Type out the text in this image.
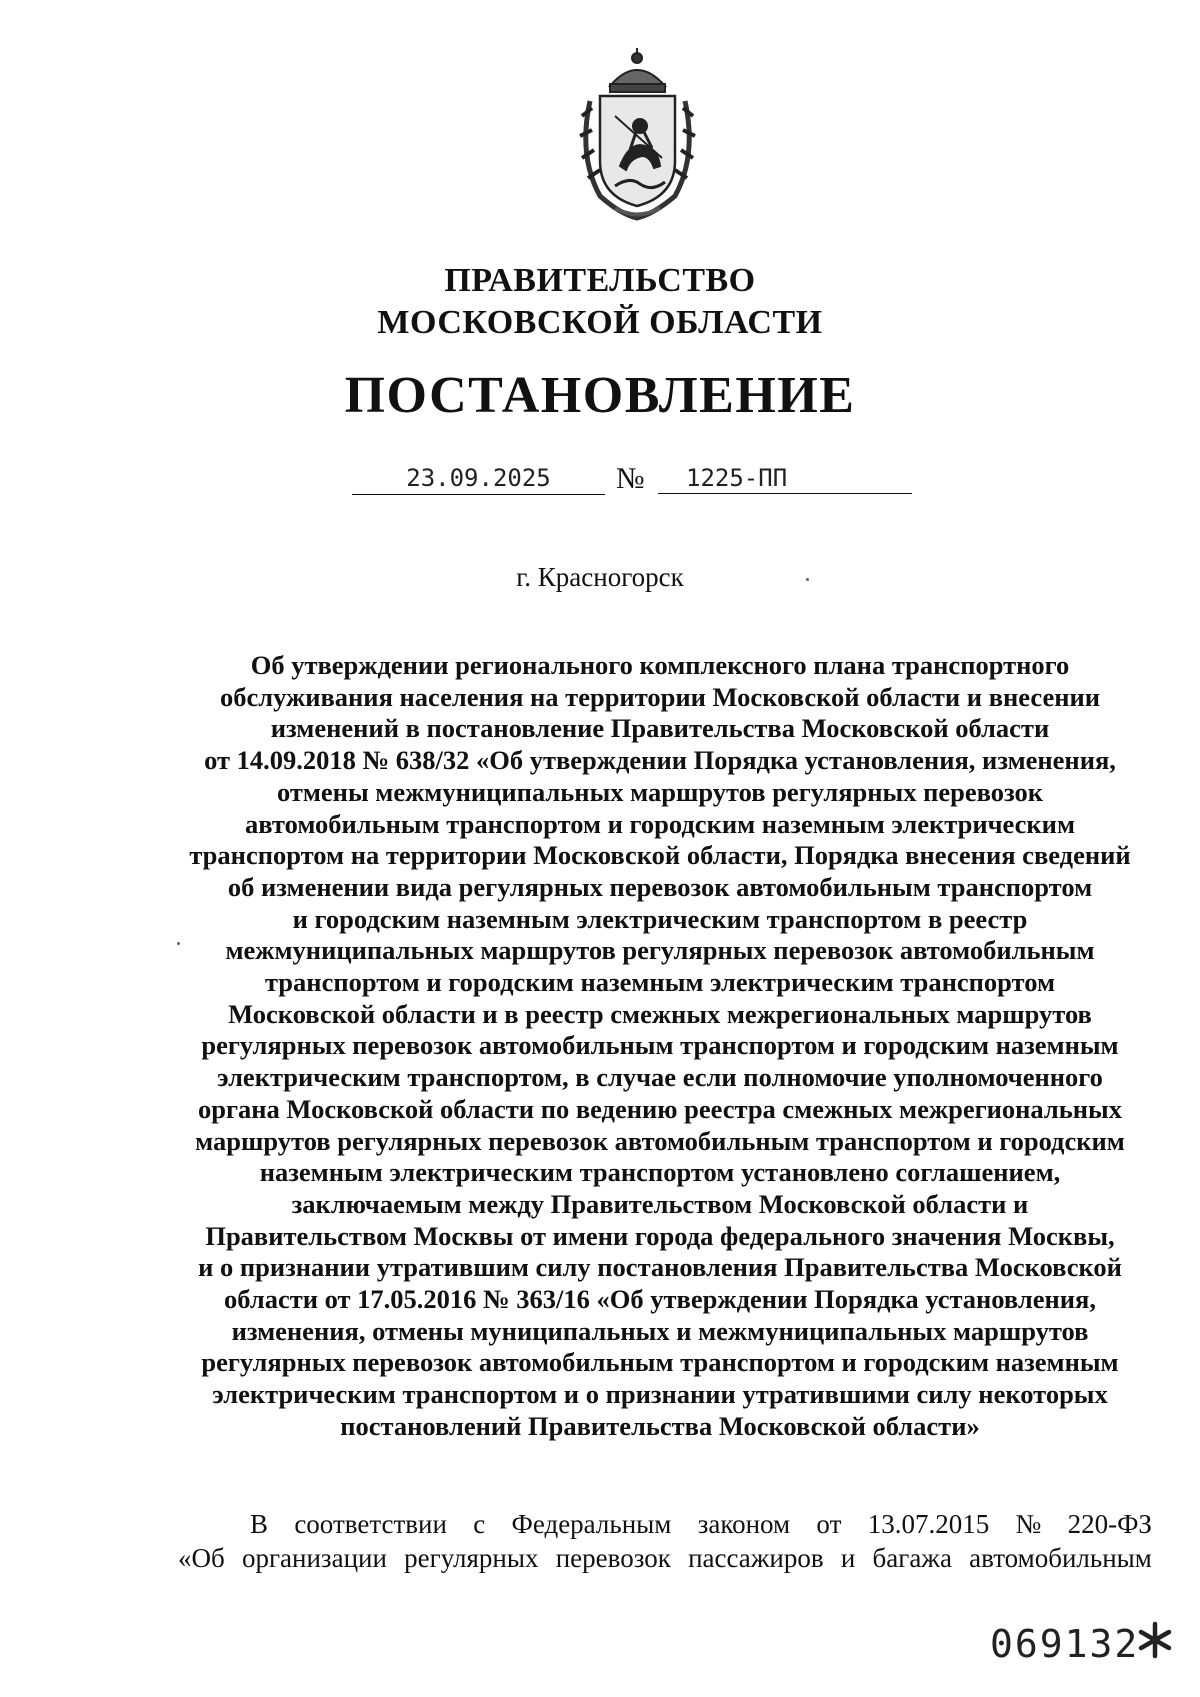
ПРАВИТЕЛЬСТВО
МОСКОВСКОЙ ОБЛАСТИ
ПОСТАНОВЛЕНИЕ
23.09.2025	№	1225-ПП
г. Красногорск
Об утверждении регионального комплексного плана транспортного
обслуживания населения на территории Московской области и внесении
изменений в постановление Правительства Московской области
от 14.09.2018 № 638/32 «Об утверждении Порядка установления, изменения,
отмены межмуниципальных маршрутов регулярных перевозок
автомобильным транспортом и городским наземным электрическим
транспортом на территории Московской области, Порядка внесения сведений
об изменении вида регулярных перевозок автомобильным транспортом
и городским наземным электрическим транспортом в реестр
межмуниципальных маршрутов регулярных перевозок автомобильным
транспортом и городским наземным электрическим транспортом
Московской области и в реестр смежных межрегиональных маршрутов
регулярных перевозок автомобильным транспортом и городским наземным
электрическим транспортом, в случае если полномочие уполномоченного
органа Московской области по ведению реестра смежных межрегиональных
маршрутов регулярных перевозок автомобильным транспортом и городским
наземным электрическим транспортом установлено соглашением,
заключаемым между Правительством Московской области и
Правительством Москвы от имени города федерального значения Москвы,
и о признании утратившим силу постановления Правительства Московской
области от 17.05.2016 № 363/16 «Об утверждении Порядка установления,
изменения, отмены муниципальных и межмуниципальных маршрутов
регулярных перевозок автомобильным транспортом и городским наземным
электрическим транспортом и о признании утратившими силу некоторых
постановлений Правительства Московской области»
В соответствии с Федеральным законом от 13.07.2015 № 220-ФЗ
«Об организации регулярных перевозок пассажиров и багажа автомобильным
069132
